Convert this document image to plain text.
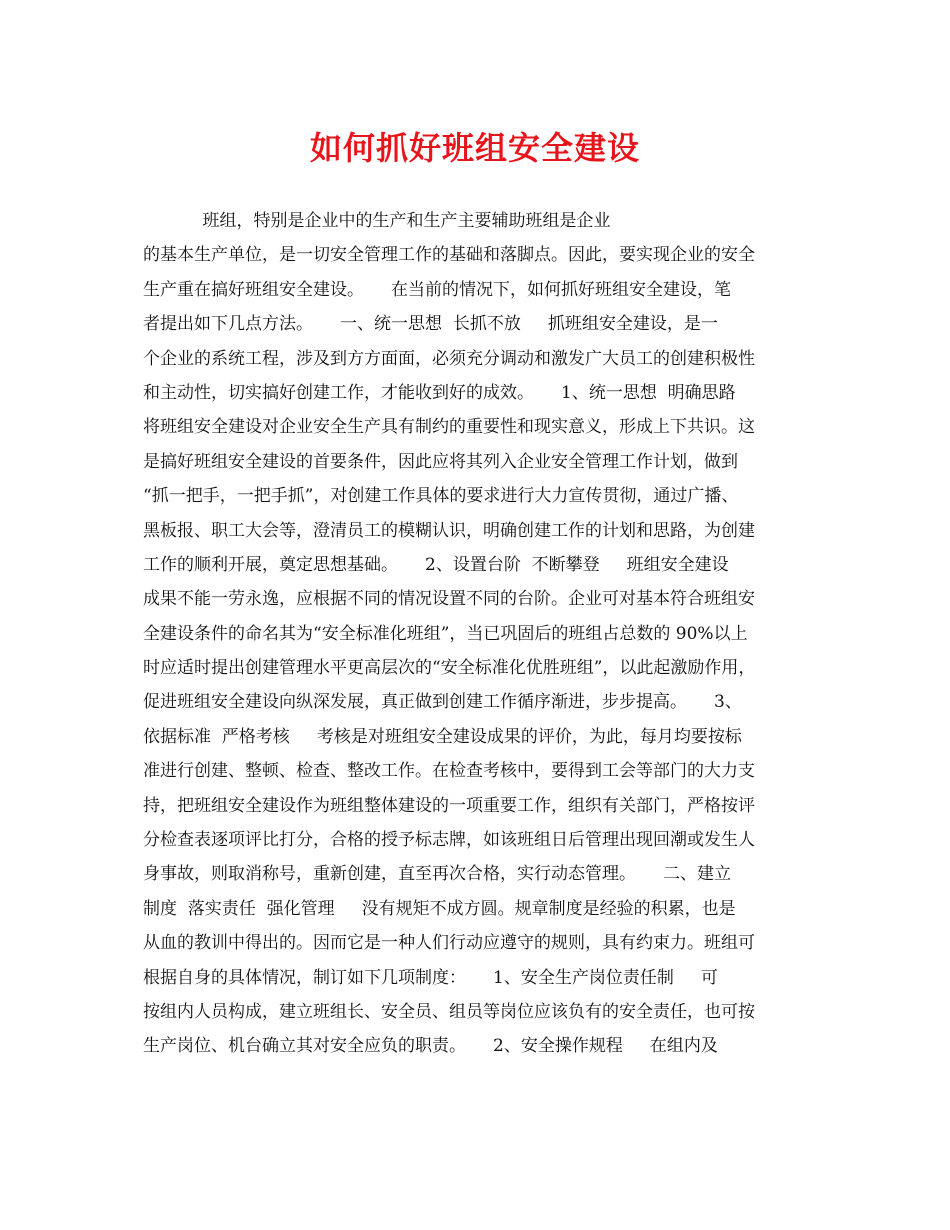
如何抓好班组安全建设
班组，特别是企业中的生产和生产主要辅助班组是企业
的基本生产单位，是一切安全管理工作的基础和落脚点。因此，要实现企业的安全
生产重在搞好班组安全建设。     在当前的情况下，如何抓好班组安全建设，笔
者提出如下几点方法。     一、统一思想  长抓不放     抓班组安全建设，是一
个企业的系统工程，涉及到方方面面，必须充分调动和激发广大员工的创建积极性
和主动性，切实搞好创建工作，才能收到好的成效。     1、统一思想  明确思路
将班组安全建设对企业安全生产具有制约的重要性和现实意义，形成上下共识。这
是搞好班组安全建设的首要条件，因此应将其列入企业安全管理工作计划，做到
“抓一把手，一把手抓”，对创建工作具体的要求进行大力宣传贯彻，通过广播、
黑板报、职工大会等，澄清员工的模糊认识，明确创建工作的计划和思路，为创建
工作的顺利开展，奠定思想基础。     2、设置台阶  不断攀登     班组安全建设
成果不能一劳永逸，应根据不同的情况设置不同的台阶。企业可对基本符合班组安
全建设条件的命名其为“安全标准化班组”，当已巩固后的班组占总数的 90%以上
时应适时提出创建管理水平更高层次的“安全标准化优胜班组”，以此起激励作用，
促进班组安全建设向纵深发展，真正做到创建工作循序渐进，步步提高。     3、
依据标准  严格考核     考核是对班组安全建设成果的评价，为此，每月均要按标
准进行创建、整顿、检查、整改工作。在检查考核中，要得到工会等部门的大力支
持，把班组安全建设作为班组整体建设的一项重要工作，组织有关部门，严格按评
分检查表逐项评比打分，合格的授予标志牌，如该班组日后管理出现回潮或发生人
身事故，则取消称号，重新创建，直至再次合格，实行动态管理。     二、建立
制度  落实责任  强化管理     没有规矩不成方圆。规章制度是经验的积累，也是
从血的教训中得出的。因而它是一种人们行动应遵守的规则，具有约束力。班组可
根据自身的具体情况，制订如下几项制度：     1、安全生产岗位责任制     可
按组内人员构成，建立班组长、安全员、组员等岗位应该负有的安全责任，也可按
生产岗位、机台确立其对安全应负的职责。     2、安全操作规程     在组内及
